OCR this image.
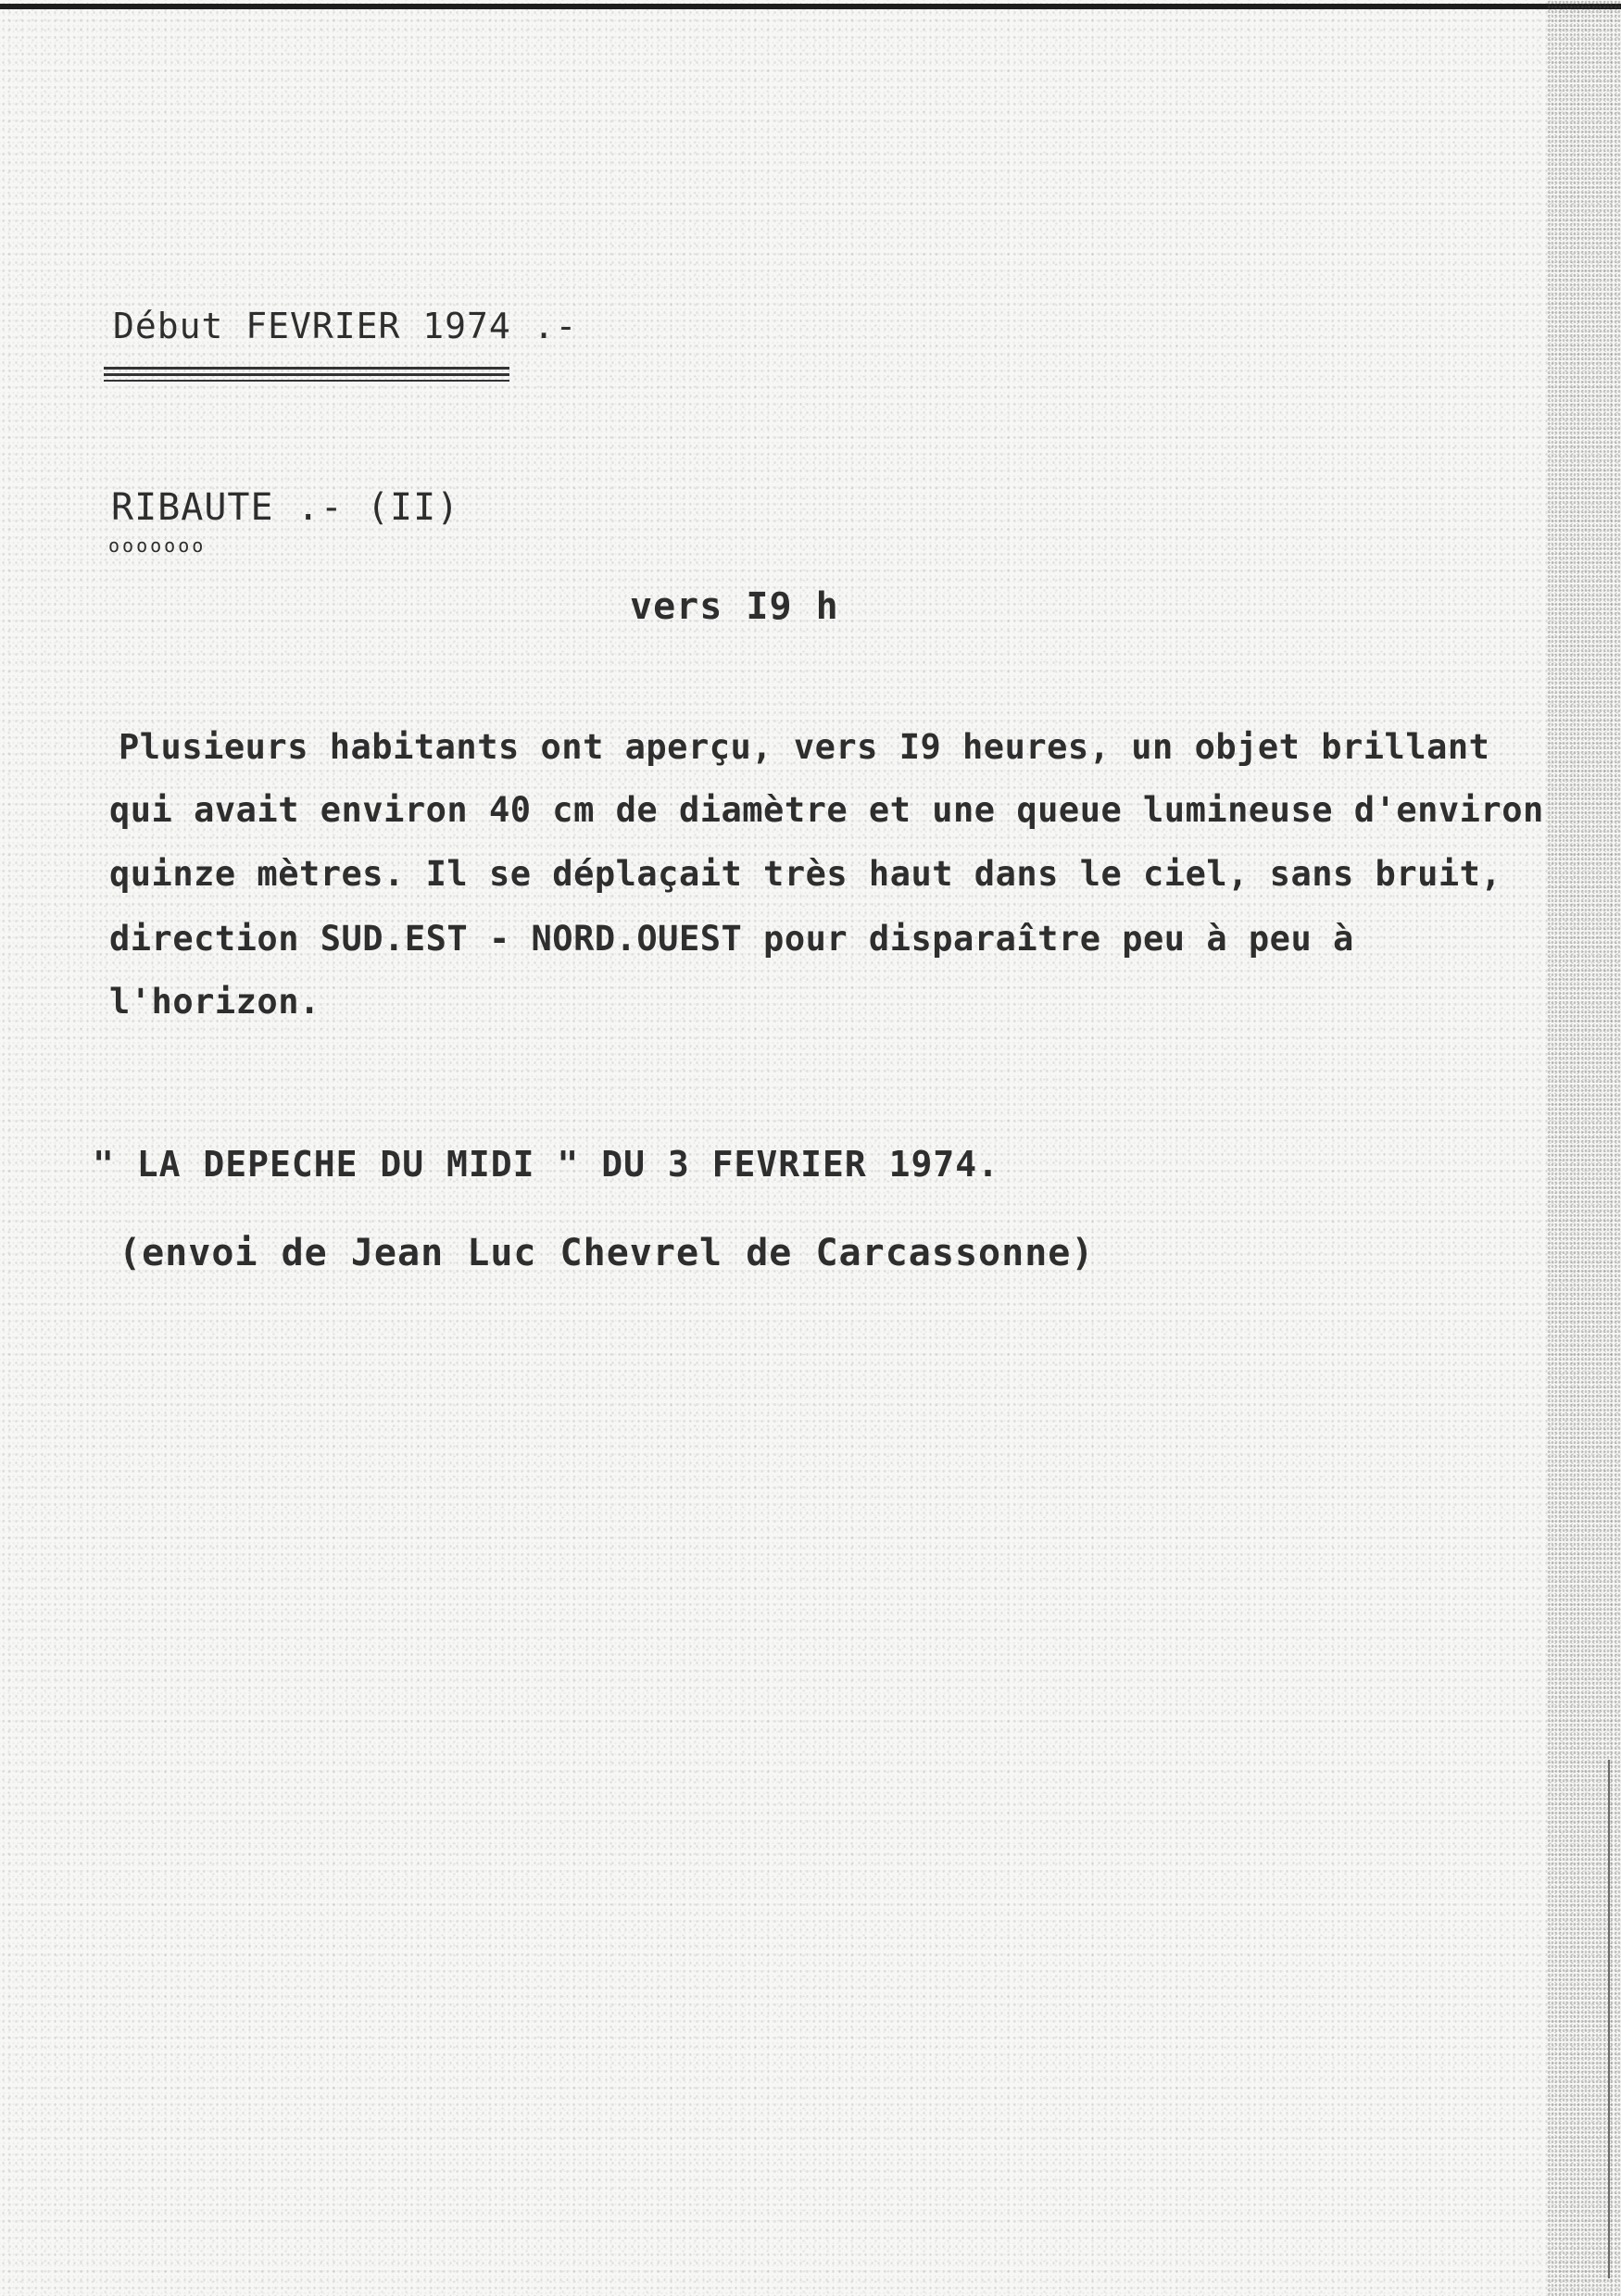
Début FEVRIER 1974 .-
RIBAUTE .- (II)
ooooooo
vers I9 h
Plusieurs habitants ont aperçu, vers I9 heures, un objet brillant
qui avait environ 40 cm de diamètre et une queue lumineuse d'environ
quinze mètres. Il se déplaçait très haut dans le ciel, sans bruit,
direction SUD.EST - NORD.OUEST pour disparaître peu à peu à
l'horizon.
" LA DEPECHE DU MIDI " DU 3 FEVRIER 1974.
(envoi de Jean Luc Chevrel de Carcassonne)
